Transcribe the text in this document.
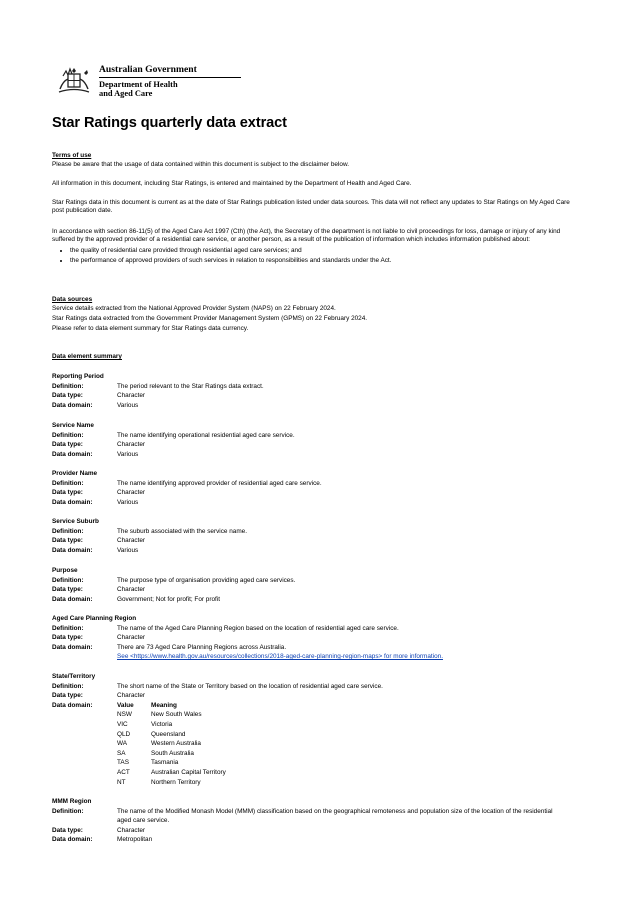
Australian Government
Department of Health
and Aged Care
Star Ratings quarterly data extract
Terms of use
Please be aware that the usage of data contained within this document is subject to the disclaimer below.
All information in this document, including Star Ratings, is entered and maintained by the Department of Health and Aged Care.
Star Ratings data in this document is current as at the date of Star Ratings publication listed under data sources. This data will not reflect any updates to Star Ratings on My Aged Care post publication date.
In accordance with section 86-11(5) of the Aged Care Act 1997 (Cth) (the Act), the Secretary of the department is not liable to civil proceedings for loss, damage or injury of any kind suffered by the approved provider of a residential care service, or another person, as a result of the publication of information which includes information published about:
• the quality of residential care provided through residential aged care services; and
• the performance of approved providers of such services in relation to responsibilities and standards under the Act.
Data sources
Service details extracted from the National Approved Provider System (NAPS) on 22 February 2024.
Star Ratings data extracted from the Government Provider Management System (GPMS) on 22 February 2024.
Please refer to data element summary for Star Ratings data currency.
Data element summary
Reporting Period
Definition:	The period relevant to the Star Ratings data extract.
Data type:	Character
Data domain:	Various
Service Name
Definition:	The name identifying operational residential aged care service.
Data type:	Character
Data domain:	Various
Provider Name
Definition:	The name identifying approved provider of residential aged care service.
Data type:	Character
Data domain:	Various
Service Suburb
Definition:	The suburb associated with the service name.
Data type:	Character
Data domain:	Various
Purpose
Definition:	The purpose type of organisation providing aged care services.
Data type:	Character
Data domain:	Government; Not for profit; For profit
Aged Care Planning Region
Definition:	The name of the Aged Care Planning Region based on the location of residential aged care service.
Data type:	Character
Data domain:	There are 73 Aged Care Planning Regions across Australia.
See <https://www.health.gov.au/resources/collections/2018-aged-care-planning-region-maps> for more information.
State/Territory
Definition:	The short name of the State or Territory based on the location of residential aged care service.
Data type:	Character
Data domain:	Value	Meaning
NSW	New South Wales
VIC	Victoria
QLD	Queensland
WA	Western Australia
SA	South Australia
TAS	Tasmania
ACT	Australian Capital Territory
NT	Northern Territory
MMM Region
Definition:	The name of the Modified Monash Model (MMM) classification based on the geographical remoteness and population size of the location of the residential aged care service.
Data type:	Character
Data domain:	Metropolitan
